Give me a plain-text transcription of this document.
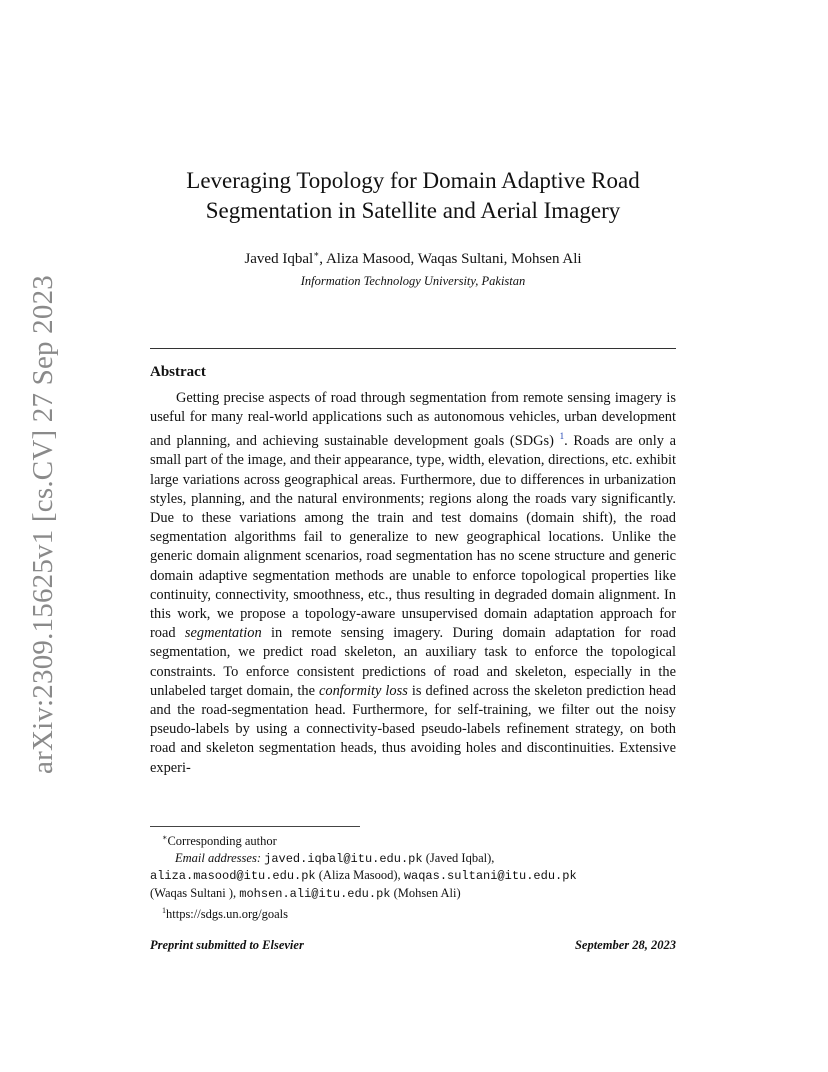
arXiv:2309.15625v1 [cs.CV] 27 Sep 2023
Leveraging Topology for Domain Adaptive Road
Segmentation in Satellite and Aerial Imagery
Javed Iqbal∗, Aliza Masood, Waqas Sultani, Mohsen Ali
Information Technology University, Pakistan
Abstract

Getting precise aspects of road through segmentation from remote sensing imagery is useful for many real-world applications such as autonomous vehicles, urban development and planning, and achieving sustainable development goals (SDGs) $^1$. Roads are only a small part of the image, and their appearance, type, width, elevation, directions, etc. exhibit large variations across geographical areas. Furthermore, due to differences in urbanization styles, planning, and the natural environments; regions along the roads vary significantly. Due to these variations among the train and test domains (domain shift), the road segmentation algorithms fail to generalize to new geographical locations. Unlike the generic domain alignment scenarios, road segmentation has no scene structure and generic domain adaptive segmentation methods are unable to enforce topological properties like continuity, connectivity, smoothness, etc., thus resulting in degraded domain alignment. In this work, we propose a topology-aware unsupervised domain adaptation approach for road segmentation in remote sensing imagery. During domain adaptation for road segmentation, we predict road skeleton, an auxiliary task to enforce the topological constraints. To enforce consistent predictions of road and skeleton, especially in the unlabeled target domain, the conformity loss is defined across the skeleton prediction head and the road-segmentation head. Furthermore, for self-training, we filter out the noisy pseudo-labels by using a connectivity-based pseudo-labels refinement strategy, on both road and skeleton segmentation heads, thus avoiding holes and discontinuities. Extensive experi-

∗Corresponding author
Email addresses: javed.iqbal@itu.edu.pk (Javed Iqbal),
aliza.masood@itu.edu.pk (Aliza Masood), waqas.sultani@itu.edu.pk
(Waqas Sultani ), mohsen.ali@itu.edu.pk (Mohsen Ali)
$^1$https://sdgs.un.org/goals
Preprint submitted to Elsevier	September 28, 2023
